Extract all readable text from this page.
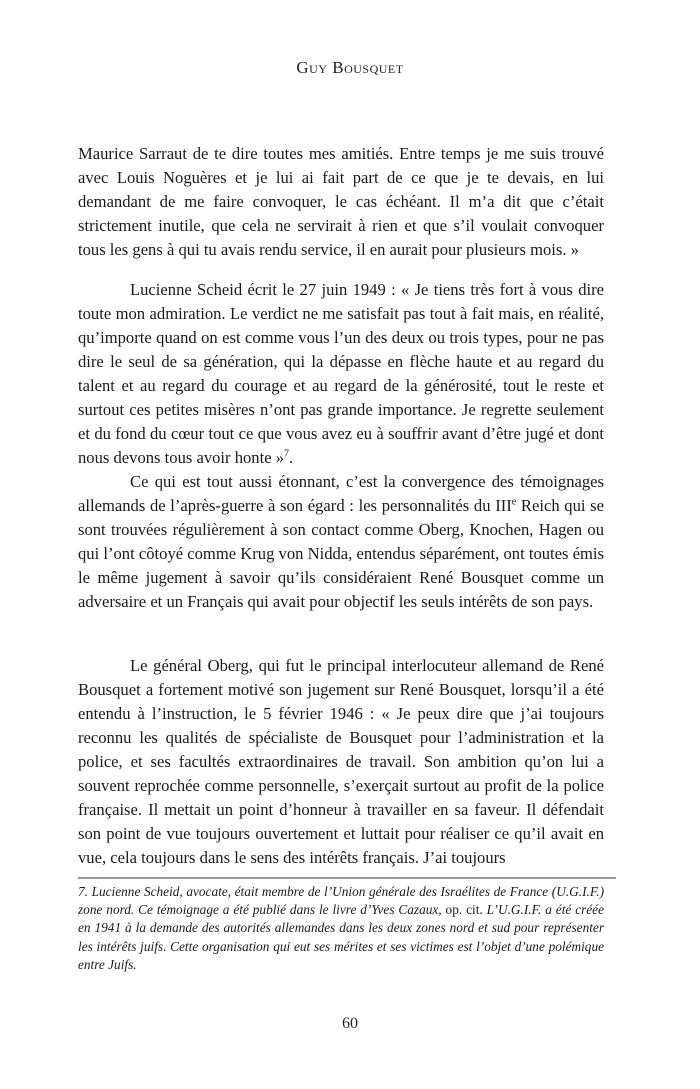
Guy Bousquet

Maurice Sarraut de te dire toutes mes amitiés. Entre temps je me suis trouvé avec Louis Noguères et je lui ai fait part de ce que je te devais, en lui demandant de me faire convoquer, le cas échéant. Il m’a dit que c’était strictement inutile, que cela ne servirait à rien et que s’il voulait convoquer tous les gens à qui tu avais rendu service, il en aurait pour plusieurs mois. »

Lucienne Scheid écrit le 27 juin 1949 : « Je tiens très fort à vous dire toute mon admiration. Le verdict ne me satisfait pas tout à fait mais, en réalité, qu’importe quand on est comme vous l’un des deux ou trois types, pour ne pas dire le seul de sa génération, qui la dépasse en flèche haute et au regard du talent et au regard du courage et au regard de la générosité, tout le reste et surtout ces petites misères n’ont pas grande importance. Je regrette seulement et du fond du cœur tout ce que vous avez eu à souffrir avant d’être jugé et dont nous devons tous avoir honte »$^7$.

Ce qui est tout aussi étonnant, c’est la convergence des témoignages allemands de l’après-guerre à son égard : les personnalités du IIIe Reich qui se sont trouvées régulièrement à son contact comme Oberg, Knochen, Hagen ou qui l’ont côtoyé comme Krug von Nidda, entendus séparément, ont toutes émis le même jugement à savoir qu’ils considéraient René Bousquet comme un adversaire et un Français qui avait pour objectif les seuls intérêts de son pays.

Le général Oberg, qui fut le principal interlocuteur allemand de René Bousquet a fortement motivé son jugement sur René Bousquet, lorsqu’il a été entendu à l’instruction, le 5 février 1946 : « Je peux dire que j’ai toujours reconnu les qualités de spécialiste de Bousquet pour l’administration et la police, et ses facultés extraordinaires de travail. Son ambition qu’on lui a souvent reprochée comme personnelle, s’exerçait surtout au profit de la police française. Il mettait un point d’honneur à travailler en sa faveur. Il défendait son point de vue toujours ouvertement et luttait pour réaliser ce qu’il avait en vue, cela toujours dans le sens des intérêts français. J’ai toujours

7. Lucienne Scheid, avocate, était membre de l’Union générale des Israélites de France (U.G.I.F.) zone nord. Ce témoignage a été publié dans le livre d’Yves Cazaux, op. cit. L’U.G.I.F. a été créée en 1941 à la demande des autorités allemandes dans les deux zones nord et sud pour représenter les intérêts juifs. Cette organisation qui eut ses mérites et ses victimes est l’objet d’une polémique entre Juifs.

60
